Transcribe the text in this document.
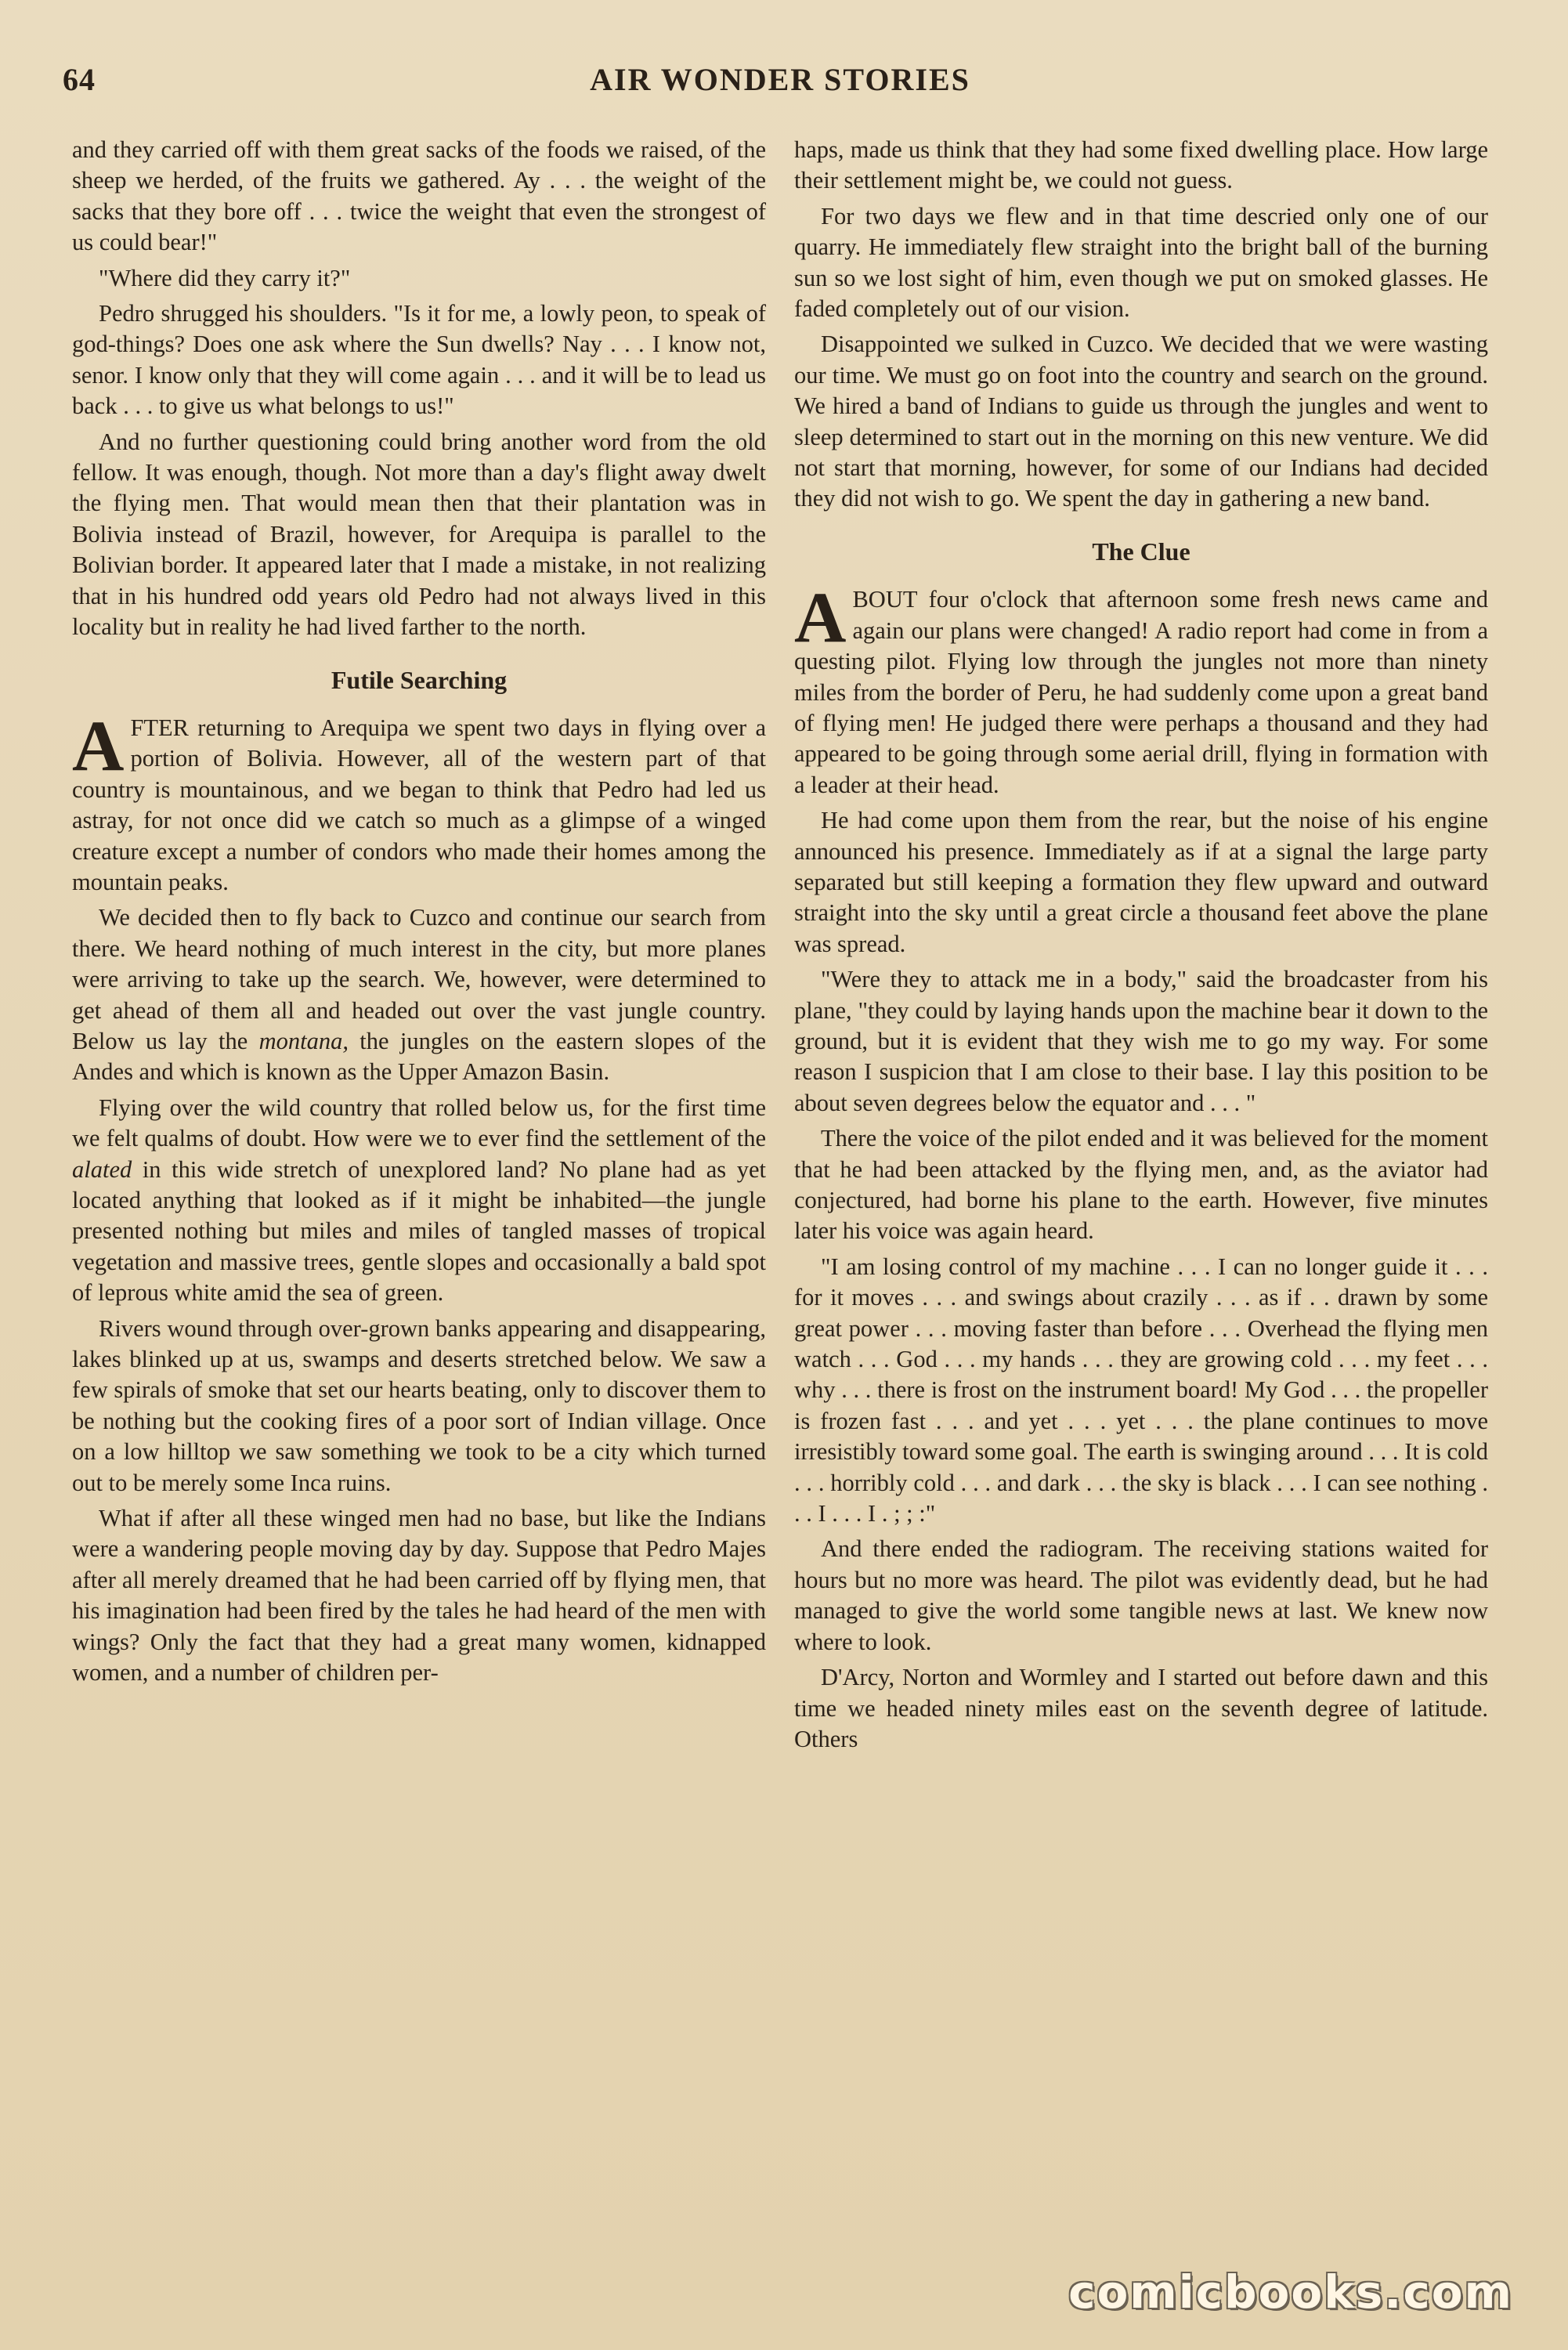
64	AIR WONDER STORIES

and they carried off with them great sacks of the foods we raised, of the sheep we herded, of the fruits we gathered. Ay . . . the weight of the sacks that they bore off . . . twice the weight that even the strongest of us could bear!"

"Where did they carry it?"

Pedro shrugged his shoulders. "Is it for me, a lowly peon, to speak of god-things? Does one ask where the Sun dwells? Nay . . . I know not, senor. I know only that they will come again . . . and it will be to lead us back . . . to give us what belongs to us!"

And no further questioning could bring another word from the old fellow. It was enough, though. Not more than a day's flight away dwelt the flying men. That would mean then that their plantation was in Bolivia instead of Brazil, however, for Arequipa is parallel to the Bolivian border. It appeared later that I made a mistake, in not realizing that in his hundred odd years old Pedro had not always lived in this locality but in reality he had lived farther to the north.

Futile Searching

AFTER returning to Arequipa we spent two days in flying over a portion of Bolivia. However, all of the western part of that country is mountainous, and we began to think that Pedro had led us astray, for not once did we catch so much as a glimpse of a winged creature except a number of condors who made their homes among the mountain peaks.

We decided then to fly back to Cuzco and continue our search from there. We heard nothing of much interest in the city, but more planes were arriving to take up the search. We, however, were determined to get ahead of them all and headed out over the vast jungle country. Below us lay the montana, the jungles on the eastern slopes of the Andes and which is known as the Upper Amazon Basin.

Flying over the wild country that rolled below us, for the first time we felt qualms of doubt. How were we to ever find the settlement of the alated in this wide stretch of unexplored land? No plane had as yet located anything that looked as if it might be inhabited—the jungle presented nothing but miles and miles of tangled masses of tropical vegetation and massive trees, gentle slopes and occasionally a bald spot of leprous white amid the sea of green.

Rivers wound through over-grown banks appearing and disappearing, lakes blinked up at us, swamps and deserts stretched below. We saw a few spirals of smoke that set our hearts beating, only to discover them to be nothing but the cooking fires of a poor sort of Indian village. Once on a low hilltop we saw something we took to be a city which turned out to be merely some Inca ruins.

What if after all these winged men had no base, but like the Indians were a wandering people moving day by day. Suppose that Pedro Majes after all merely dreamed that he had been carried off by flying men, that his imagination had been fired by the tales he had heard of the men with wings? Only the fact that they had a great many women, kidnapped women, and a number of children per-

haps, made us think that they had some fixed dwelling place. How large their settlement might be, we could not guess.

For two days we flew and in that time descried only one of our quarry. He immediately flew straight into the bright ball of the burning sun so we lost sight of him, even though we put on smoked glasses. He faded completely out of our vision.

Disappointed we sulked in Cuzco. We decided that we were wasting our time. We must go on foot into the country and search on the ground. We hired a band of Indians to guide us through the jungles and went to sleep determined to start out in the morning on this new venture. We did not start that morning, however, for some of our Indians had decided they did not wish to go. We spent the day in gathering a new band.

The Clue

ABOUT four o'clock that afternoon some fresh news came and again our plans were changed! A radio report had come in from a questing pilot. Flying low through the jungles not more than ninety miles from the border of Peru, he had suddenly come upon a great band of flying men! He judged there were perhaps a thousand and they had appeared to be going through some aerial drill, flying in formation with a leader at their head.

He had come upon them from the rear, but the noise of his engine announced his presence. Immediately as if at a signal the large party separated but still keeping a formation they flew upward and outward straight into the sky until a great circle a thousand feet above the plane was spread.

"Were they to attack me in a body," said the broadcaster from his plane, "they could by laying hands upon the machine bear it down to the ground, but it is evident that they wish me to go my way. For some reason I suspicion that I am close to their base. I lay this position to be about seven degrees below the equator and . . . "

There the voice of the pilot ended and it was believed for the moment that he had been attacked by the flying men, and, as the aviator had conjectured, had borne his plane to the earth. However, five minutes later his voice was again heard.

"I am losing control of my machine . . . I can no longer guide it . . . for it moves . . . and swings about crazily . . . as if . . drawn by some great power . . . moving faster than before . . . Overhead the flying men watch . . . God . . . my hands . . . they are growing cold . . . my feet . . . why . . . there is frost on the instrument board! My God . . . the propeller is frozen fast . . . and yet . . . yet . . . the plane continues to move irresistibly toward some goal. The earth is swinging around . . . It is cold . . . horribly cold . . . and dark . . . the sky is black . . . I can see nothing . . . I . . . I . ; ; :"

And there ended the radiogram. The receiving stations waited for hours but no more was heard. The pilot was evidently dead, but he had managed to give the world some tangible news at last. We knew now where to look.

D'Arcy, Norton and Wormley and I started out before dawn and this time we headed ninety miles east on the seventh degree of latitude. Others

comicbooks.com
